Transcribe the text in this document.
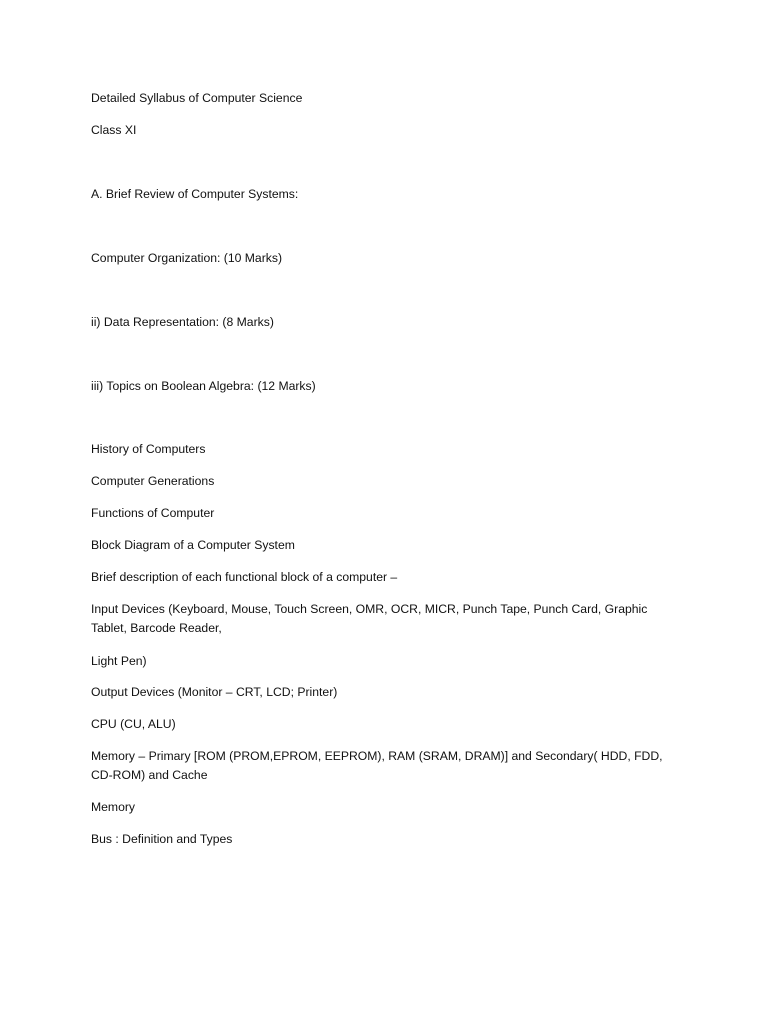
Detailed Syllabus of Computer Science
Class XI
A. Brief Review of Computer Systems:
Computer Organization: (10 Marks)
ii) Data Representation: (8 Marks)
iii) Topics on Boolean Algebra: (12 Marks)
History of Computers
Computer Generations
Functions of Computer
Block Diagram of a Computer System
Brief description of each functional block of a computer –
Input Devices (Keyboard, Mouse, Touch Screen, OMR, OCR, MICR, Punch Tape, Punch Card, Graphic Tablet, Barcode Reader,
Light Pen)
Output Devices (Monitor – CRT, LCD; Printer)
CPU (CU, ALU)
Memory – Primary [ROM (PROM,EPROM, EEPROM), RAM (SRAM, DRAM)] and Secondary( HDD, FDD, CD-ROM) and Cache
Memory
Bus : Definition and Types
